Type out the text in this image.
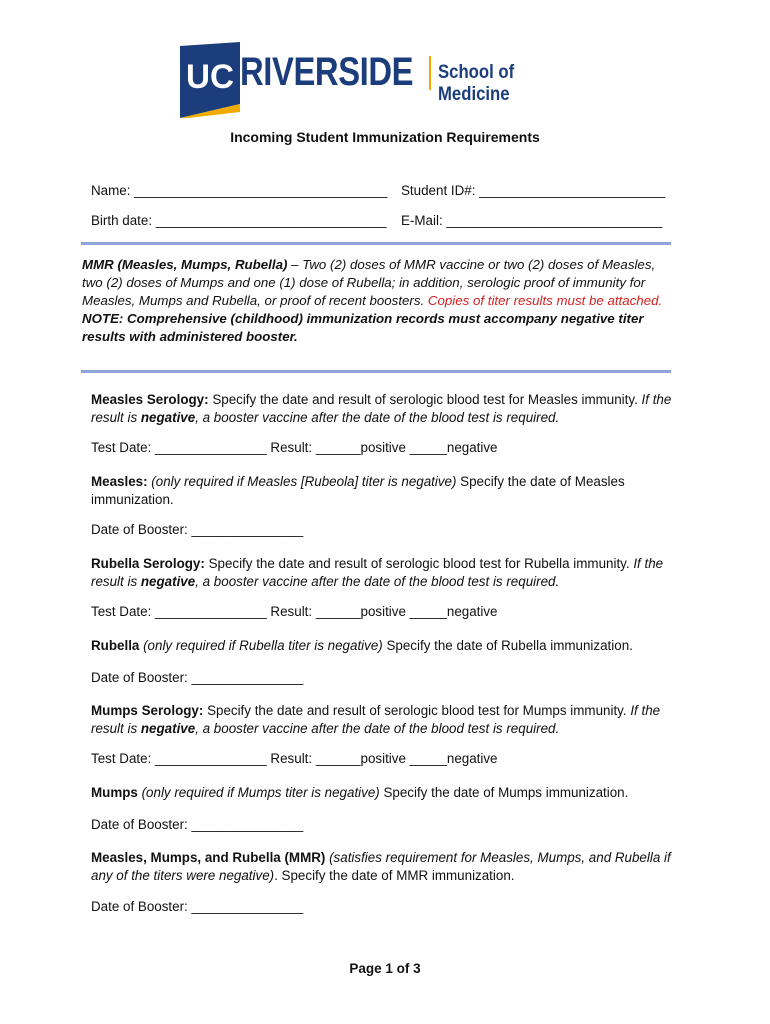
UC RIVERSIDE School of Medicine
Incoming Student Immunization Requirements
Name: __________________________________ Student ID#: _________________________
Birth date: _______________________________ E-Mail: _____________________________
MMR (Measles, Mumps, Rubella) – Two (2) doses of MMR vaccine or two (2) doses of Measles, two (2) doses of Mumps and one (1) dose of Rubella; in addition, serologic proof of immunity for Measles, Mumps and Rubella, or proof of recent boosters. Copies of titer results must be attached.
NOTE: Comprehensive (childhood) immunization records must accompany negative titer results with administered booster.
Measles Serology: Specify the date and result of serologic blood test for Measles immunity. If the result is negative, a booster vaccine after the date of the blood test is required.
Test Date: _______________ Result: ______positive _____negative
Measles: (only required if Measles [Rubeola] titer is negative) Specify the date of Measles immunization.
Date of Booster: _______________
Rubella Serology: Specify the date and result of serologic blood test for Rubella immunity. If the result is negative, a booster vaccine after the date of the blood test is required.
Test Date: _______________ Result: ______positive _____negative
Rubella (only required if Rubella titer is negative) Specify the date of Rubella immunization.
Date of Booster: _______________
Mumps Serology: Specify the date and result of serologic blood test for Mumps immunity. If the result is negative, a booster vaccine after the date of the blood test is required.
Test Date: _______________ Result: ______positive _____negative
Mumps (only required if Mumps titer is negative) Specify the date of Mumps immunization.
Date of Booster: _______________
Measles, Mumps, and Rubella (MMR) (satisfies requirement for Measles, Mumps, and Rubella if any of the titers were negative). Specify the date of MMR immunization.
Date of Booster: _______________
Page 1 of 3
